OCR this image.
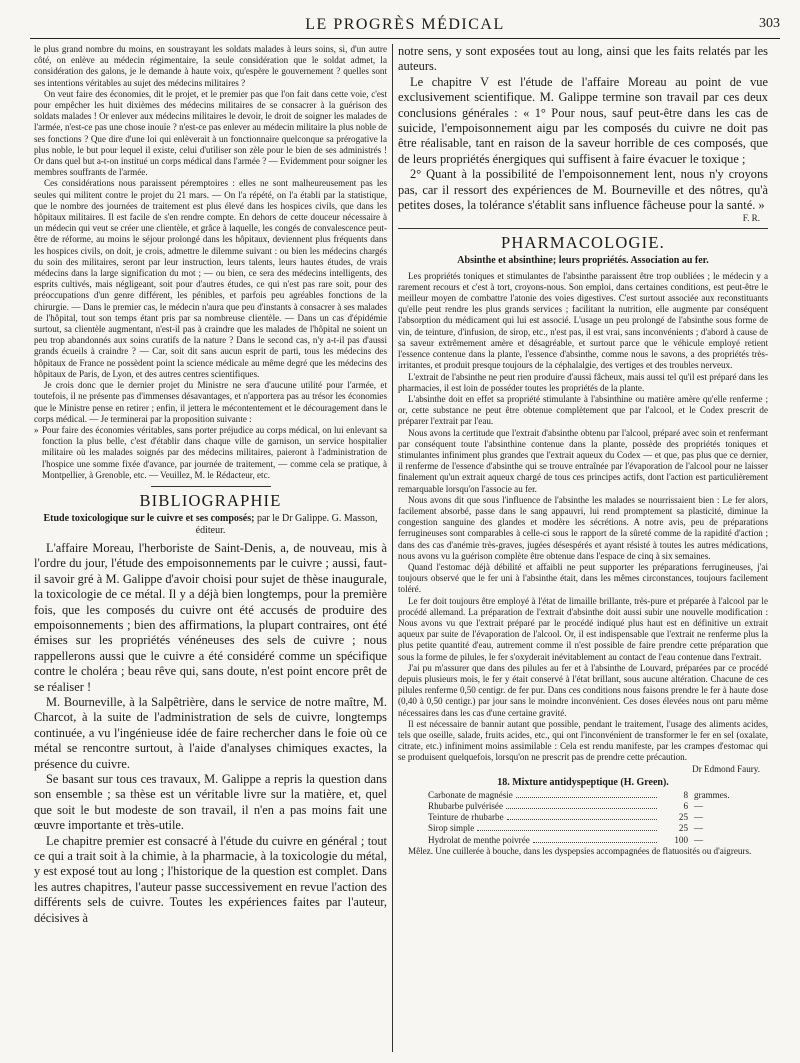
LE PROGRÈS MÉDICAL	303

le plus grand nombre du moins, en soustrayant les soldats malades à leurs soins, si, d'un autre côté, on enlève au médecin régimentaire, la seule considération que le soldat admet, la considération des galons, je le demande à haute voix, qu'espère le gouvernement ? quelles sont ses intentions véritables au sujet des médecins militaires ?

On veut faire des économies, dit le projet, et le premier pas que l'on fait dans cette voie, c'est pour empêcher les huit dixièmes des médecins militaires de se consacrer à la guérison des soldats malades ! Or enlever aux médecins militaires le devoir, le droit de soigner les malades de l'armée, n'est-ce pas une chose inouïe ? n'est-ce pas enlever au médecin militaire la plus noble de ses fonctions ? Que dire d'une loi qui enlèverait à un fonctionnaire quelconque sa prérogative la plus noble, le but pour lequel il existe, celui d'utiliser son zèle pour le bien de ses administrés ! Or dans quel but a-t-on institué un corps médical dans l'armée ? — Evidemment pour soigner les membres souffrants de l'armée.

Ces considérations nous paraissent péremptoires : elles ne sont malheureusement pas les seules qui militent contre le projet du 21 mars. — On l'a répété, on l'a établi par la statistique, que le nombre des journées de traitement est plus élevé dans les hospices civils, que dans les hôpitaux militaires. Il est facile de s'en rendre compte. En dehors de cette douceur nécessaire à un médecin qui veut se créer une clientèle, et grâce à laquelle, les congés de convalescence peut-être de réforme, au moins le séjour prolongé dans les hôpitaux, deviennent plus fréquents dans les hospices civils, on doit, je crois, admettre le dilemme suivant : ou bien les médecins chargés du soin des militaires, seront par leur instruction, leurs talents, leurs hautes études, de vrais médecins dans la large signification du mot ; — ou bien, ce sera des médecins intelligents, des esprits cultivés, mais négligeant, soit pour d'autres études, ce qui n'est pas rare soit, pour des préoccupations d'un genre différent, les pénibles, et parfois peu agréables fonctions de la chirurgie. — Dans le premier cas, le médecin n'aura que peu d'instants à consacrer à ses malades de l'hôpital, tout son temps étant pris par sa nombreuse clientèle. — Dans un cas d'épidémie surtout, sa clientèle augmentant, n'est-il pas à craindre que les malades de l'hôpital ne soient un peu trop abandonnés aux soins curatifs de la nature ? Dans le second cas, n'y a-t-il pas d'aussi grands écueils à craindre ? — Car, soit dit sans aucun esprit de parti, tous les médecins des hôpitaux de France ne possèdent point la science médicale au même degré que les médecins des hôpitaux de Paris, de Lyon, et des autres centres scientifiques.

Je crois donc que le dernier projet du Ministre ne sera d'aucune utilité pour l'armée, et toutefois, il ne présente pas d'immenses désavantages, et n'apportera pas au trésor les économies que le Ministre pense en retirer ; enfin, il jettera le mécontentement et le découragement dans le corps médical. — Je terminerai par la proposition suivante :

» Pour faire des économies véritables, sans porter préjudice au corps médical, on lui enlevant sa fonction la plus belle, c'est d'établir dans chaque ville de garnison, un service hospitalier militaire où les malades soignés par des médecins militaires, paieront à l'administration de l'hospice une somme fixée d'avance, par journée de traitement, — comme cela se pratique, à Montpellier, à Grenoble, etc. — Veuillez, M. le Rédacteur, etc.

BIBLIOGRAPHIE
Etude toxicologique sur le cuivre et ses composés; par le Dr Galippe. G. Masson, éditeur.

L'affaire Moreau, l'herboriste de Saint-Denis, a, de nouveau, mis à l'ordre du jour, l'étude des empoisonnements par le cuivre ; aussi, faut-il savoir gré à M. Galippe d'avoir choisi pour sujet de thèse inaugurale, la toxicologie de ce métal. Il y a déjà bien longtemps, pour la première fois, que les composés du cuivre ont été accusés de produire des empoisonnements ; bien des affirmations, la plupart contraires, ont été émises sur les propriétés vénéneuses des sels de cuivre ; nous rappellerons aussi que le cuivre a été considéré comme un spécifique contre le choléra ; beau rêve qui, sans doute, n'est point encore prêt de se réaliser !

M. Bourneville, à la Salpêtrière, dans le service de notre maître, M. Charcot, à la suite de l'administration de sels de cuivre, longtemps continuée, a vu l'ingénieuse idée de faire rechercher dans le foie où ce métal se rencontre surtout, à l'aide d'analyses chimiques exactes, la présence du cuivre.

Se basant sur tous ces travaux, M. Galippe a repris la question dans son ensemble ; sa thèse est un véritable livre sur la matière, et, quel que soit le but modeste de son travail, il n'en a pas moins fait une œuvre importante et très-utile.

Le chapitre premier est consacré à l'étude du cuivre en général ; tout ce qui a trait soit à la chimie, à la pharmacie, à la toxicologie du métal, y est exposé tout au long ; l'historique de la question est complet. Dans les autres chapitres, l'auteur passe successivement en revue l'action des différents sels de cuivre. Toutes les expériences faites par l'auteur, décisives à

notre sens, y sont exposées tout au long, ainsi que les faits relatés par les auteurs.

Le chapitre V est l'étude de l'affaire Moreau au point de vue exclusivement scientifique. M. Galippe termine son travail par ces deux conclusions générales : « 1° Pour nous, sauf peut-être dans les cas de suicide, l'empoisonnement aigu par les composés du cuivre ne doit pas être réalisable, tant en raison de la saveur horrible de ces composés, que de leurs propriétés énergiques qui suffisent à faire évacuer le toxique ;

2° Quant à la possibilité de l'empoisonnement lent, nous n'y croyons pas, car il ressort des expériences de M. Bourneville et des nôtres, qu'à petites doses, la tolérance s'établit sans influence fâcheuse pour la santé. »

F. R.
PHARMACOLOGIE.
Absinthe et absinthine; leurs propriétés. Association au fer.

Les propriétés toniques et stimulantes de l'absinthe paraissent être trop oubliées ; le médecin y a rarement recours et c'est à tort, croyons-nous. Son emploi, dans certaines conditions, est peut-être le meilleur moyen de combattre l'atonie des voies digestives. C'est surtout associée aux reconstituants qu'elle peut rendre les plus grands services ; facilitant la nutrition, elle augmente par conséquent l'absorption du médicament qui lui est associé. L'usage un peu prolongé de l'absinthe sous forme de vin, de teinture, d'infusion, de sirop, etc., n'est pas, il est vrai, sans inconvénients ; d'abord à cause de sa saveur extrêmement amère et désagréable, et surtout parce que le véhicule employé retient l'essence contenue dans la plante, l'essence d'absinthe, comme nous le savons, a des propriétés très-irritantes, et produit presque toujours de la céphalalgie, des vertiges et des troubles nerveux.

L'extrait de l'absinthe ne peut rien produire d'aussi fâcheux, mais aussi tel qu'il est préparé dans les pharmacies, il est loin de posséder toutes les propriétés de la plante.

L'absinthe doit en effet sa propriété stimulante à l'absinthine ou matière amère qu'elle renferme ; or, cette substance ne peut être obtenue complètement que par l'alcool, et le Codex prescrit de préparer l'extrait par l'eau.

Nous avons la certitude que l'extrait d'absinthe obtenu par l'alcool, préparé avec soin et renfermant par conséquent toute l'absinthine contenue dans la plante, possède des propriétés toniques et stimulantes infiniment plus grandes que l'extrait aqueux du Codex — et que, pas plus que ce dernier, il renferme de l'essence d'absinthe qui se trouve entraînée par l'évaporation de l'alcool pour ne laisser finalement qu'un extrait aqueux chargé de tous ces principes actifs, dont l'action est particulièrement remarquable lorsqu'on l'associe au fer.

Nous avons dit que sous l'influence de l'absinthe les malades se nourrissaient bien : Le fer alors, facilement absorbé, passe dans le sang appauvri, lui rend promptement sa plasticité, diminue la congestion sanguine des glandes et modère les sécrétions. A notre avis, peu de préparations ferrugineuses sont comparables à celle-ci sous le rapport de la sûreté comme de la rapidité d'action ; dans des cas d'anémie très-graves, jugées désespérés et ayant résisté à toutes les autres médications, nous avons vu la guérison complète être obtenue dans l'espace de cinq à six semaines.

Quand l'estomac déjà débilité et affaibli ne peut supporter les préparations ferrugineuses, j'ai toujours observé que le fer uni à l'absinthe était, dans les mêmes circonstances, toujours facilement toléré.

Le fer doit toujours être employé à l'état de limaille brillante, très-pure et préparée à l'alcool par le procédé allemand. La préparation de l'extrait d'absinthe doit aussi subir une nouvelle modification : Nous avons vu que l'extrait préparé par le procédé indiqué plus haut est en définitive un extrait aqueux par suite de l'évaporation de l'alcool. Or, il est indispensable que l'extrait ne renferme plus la plus petite quantité d'eau, autrement comme il n'est possible de faire prendre cette préparation que sous la forme de pilules, le fer s'oxyderait inévitablement au contact de l'eau contenue dans l'extrait.

J'ai pu m'assurer que dans des pilules au fer et à l'absinthe de Louvard, préparées par ce procédé depuis plusieurs mois, le fer y était conservé à l'état brillant, sous aucune altération. Chacune de ces pilules renferme 0,50 centigr. de fer pur. Dans ces conditions nous faisons prendre le fer à haute dose (0,40 à 0,50 centigr.) par jour sans le moindre inconvénient. Ces doses élevées nous ont paru même nécessaires dans les cas d'une certaine gravité.

Il est nécessaire de bannir autant que possible, pendant le traitement, l'usage des aliments acides, tels que oseille, salade, fruits acides, etc., qui ont l'inconvénient de transformer le fer en sel (oxalate, citrate, etc.) infiniment moins assimilable : Cela est rendu manifeste, par les crampes d'estomac qui se produisent quelquefois, lorsqu'on ne prescrit pas de prendre cette précaution.

Dr Edmond Faury.
18. Mixture antidyspeptique (H. Green).
Carbonate de magnésie	8 grammes.
Rhubarbe pulvérisée	6 —
Teinture de rhubarbe	25 —
Sirop simple	25 —
Hydrolat de menthe poivrée	100 —

Mêlez. Une cuillerée à bouche, dans les dyspepsies accompagnées de flatuosités ou d'aigreurs.
